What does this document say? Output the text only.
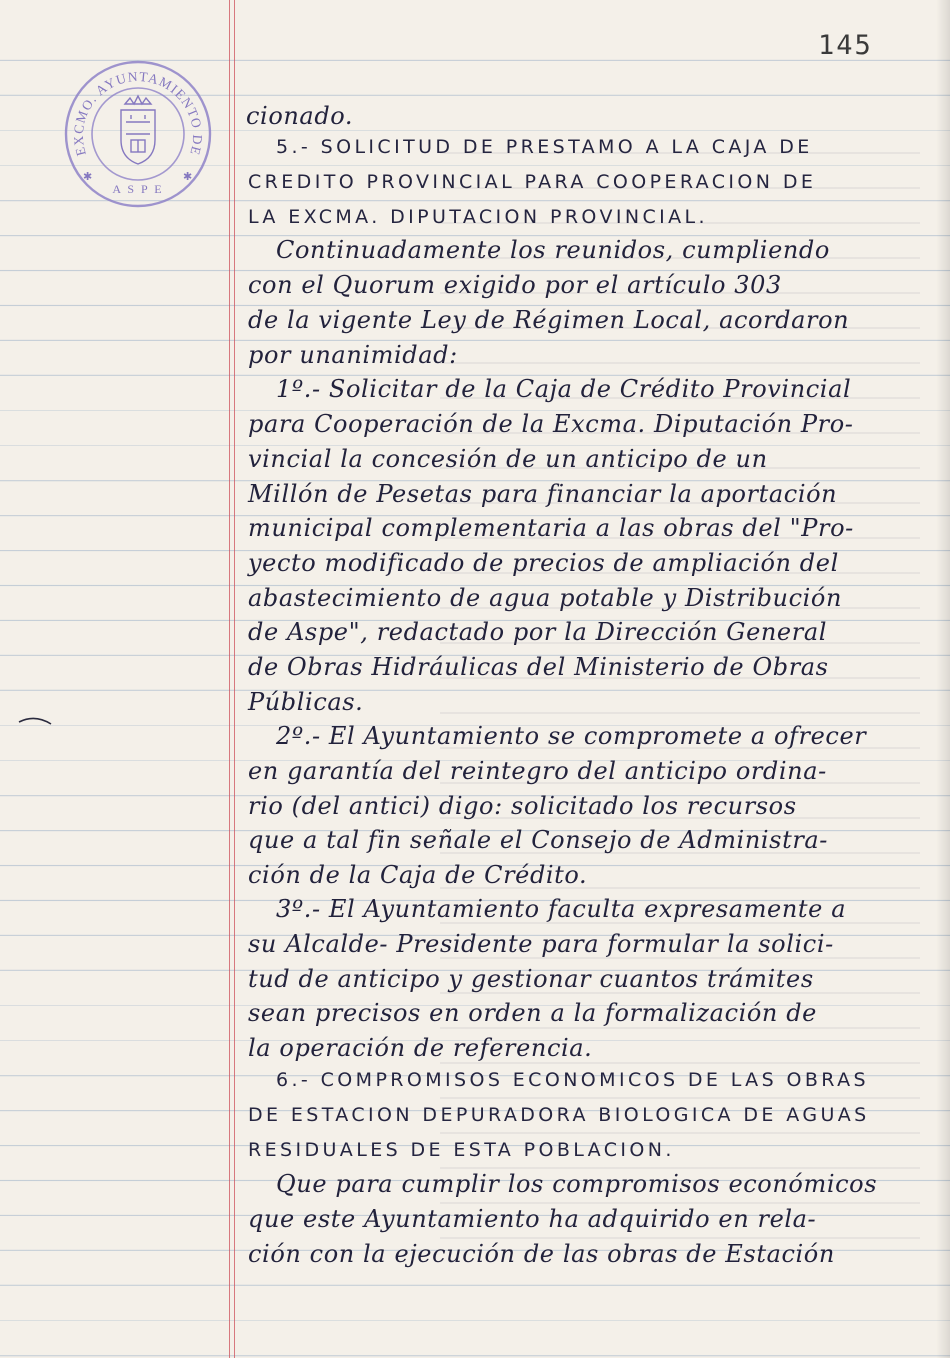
145
EXCMO. AYUNTAMIENTO DE
A S P E
✱	✱
cionado.
5.- SOLICITUD DE PRESTAMO A LA CAJA DE
CREDITO PROVINCIAL PARA COOPERACION DE
LA EXCMA. DIPUTACION PROVINCIAL.
Continuadamente los reunidos, cumpliendo
con el Quorum exigido por el artículo 303
de la vigente Ley de Régimen Local, acordaron
por unanimidad:
1º.- Solicitar de la Caja de Crédito Provincial
para Cooperación de la Excma. Diputación Pro-
vincial la concesión de un anticipo de un
Millón de Pesetas para financiar la aportación
municipal complementaria a las obras del "Pro-
yecto modificado de precios de ampliación del
abastecimiento de agua potable y Distribución
de Aspe", redactado por la Dirección General
de Obras Hidráulicas del Ministerio de Obras
Públicas.
2º.- El Ayuntamiento se compromete a ofrecer
en garantía del reintegro del anticipo ordina-
rio (del antici) digo: solicitado los recursos
que a tal fin señale el Consejo de Administra-
ción de la Caja de Crédito.
3º.- El Ayuntamiento faculta expresamente a
su Alcalde- Presidente para formular la solici-
tud de anticipo y gestionar cuantos trámites
sean precisos en orden a la formalización de
la operación de referencia.
6.- COMPROMISOS ECONOMICOS DE LAS OBRAS
DE ESTACION DEPURADORA BIOLOGICA DE AGUAS
RESIDUALES DE ESTA POBLACION.
Que para cumplir los compromisos económicos
que este Ayuntamiento ha adquirido en rela-
ción con la ejecución de las obras de Estación
